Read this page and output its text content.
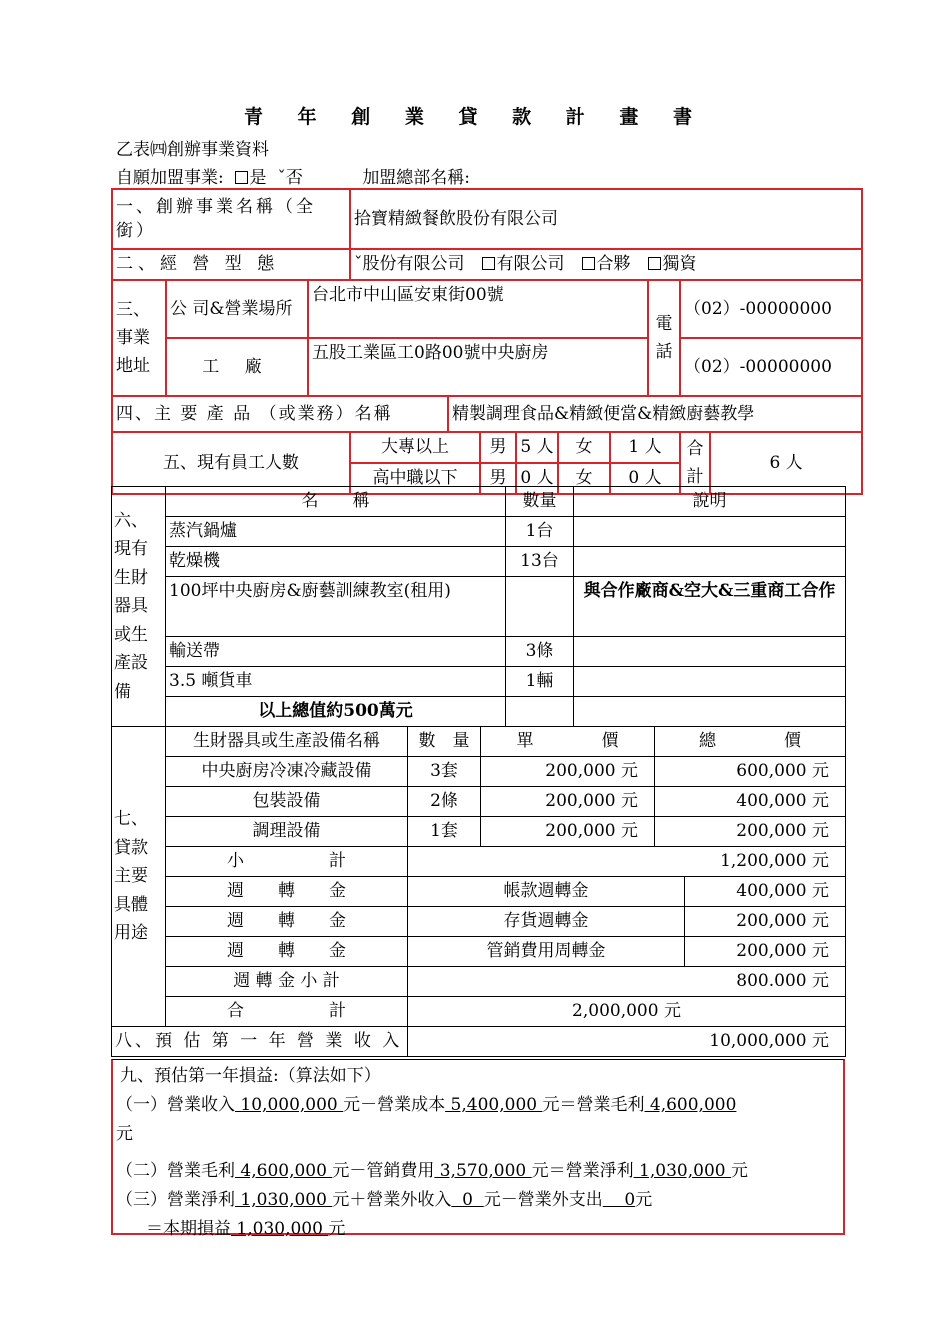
青 年 創 業 貸 款 計 畫 書
乙表㈣創辦事業資料
自願加盟事業: 是 ˇ否	加盟總部名稱:
一、創辦事業名稱（全銜）			拾寶精緻餐飲股份有限公司								
二、經 營 型 態			ˇ股份有限公司　 有限公司　 合夥　 獨資								
三、事業地址	公 司&營業場所	台北市中山區安東街00號							電話	（02）-00000000	
	工 廠	五股工業區工0路00號中央廚房								（02）-00000000	
四、主 要 產 品 （或業務）名稱				精製調理食品&精緻便當&精緻廚藝教學							
五、現有員工人數			大專以上		男	5 人	女	1 人		合計	6 人
			高中職以下		男	0 人	女	0 人			
六、現有生財器具或生產設備	名　　稱	數量	說明
	蒸汽鍋爐	1台	
	乾燥機	13台	
	100坪中央廚房&廚藝訓練教室(租用)		與合作廠商&空大&三重商工合作
	輸送帶	3條	
	3.5 噸貨車	1輛	
	以上總值約500萬元		
七、貸款主要具體用途	生財器具或生產設備名稱	數　量	單　　　　價	總　　　　價	
	中央廚房冷凍冷藏設備	3套	200,000 元	600,000 元	
	包裝設備	2條	200,000 元	400,000 元	
	調理設備	1套	200,000 元	200,000 元	
	小　　　　　計	1,200,000 元			
	週　　轉　　金	帳款週轉金			400,000 元
	週　　轉　　金	存貨週轉金			200,000 元
	週　　轉　　金	管銷費用周轉金			200,000 元
	週 轉 金 小 計	800.000 元			
	合　　　　　計	2,000,000 元			
八、預 估 第 一 年 營 業 收 入		10,000,000 元			

九、預估第一年損益:（算法如下）

（一）營業收入 10,000,000 元－營業成本 5,400,000 元＝營業毛利 4,600,000
元

（二）營業毛利 4,600,000 元－管銷費用 3,570,000 元＝營業淨利 1,030,000 元

（三）營業淨利 1,030,000 元＋營業外收入  0  元－營業外支出    0元

＝本期損益 1,030,000 元
